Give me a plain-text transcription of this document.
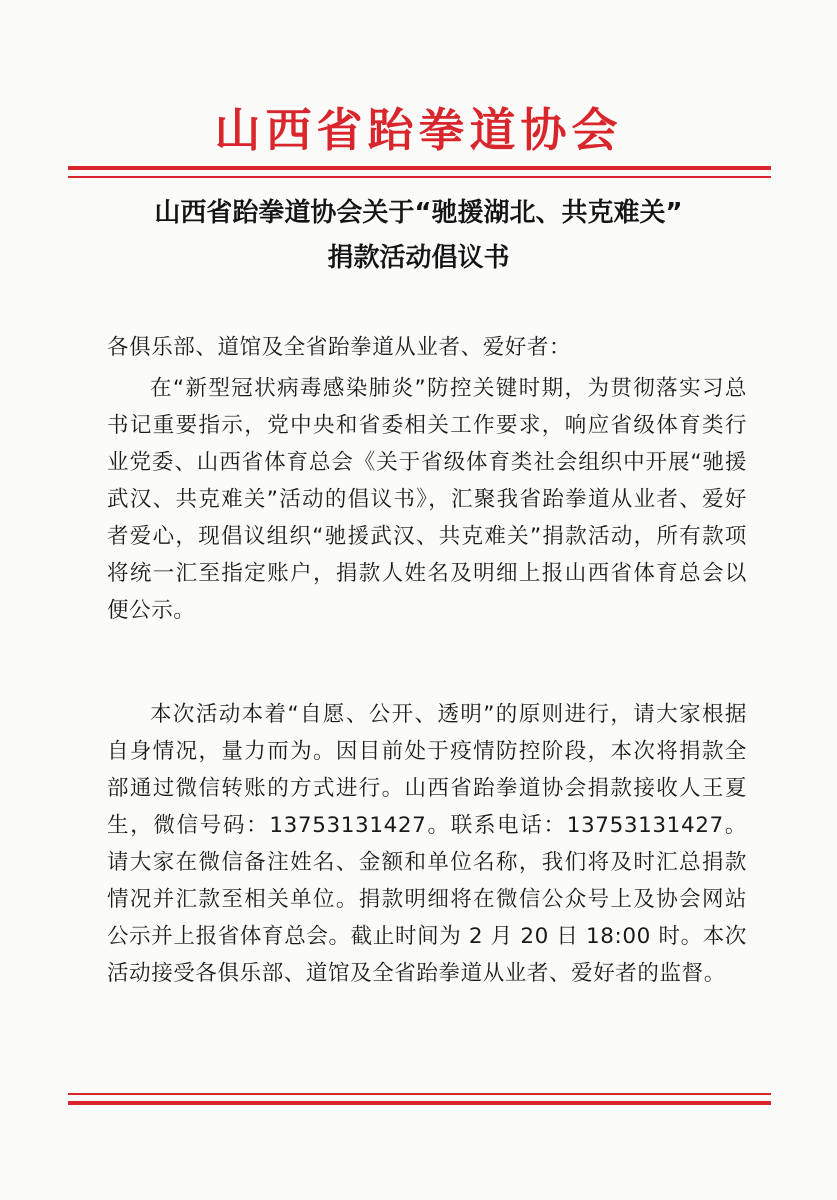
山西省跆拳道协会
山西省跆拳道协会关于“驰援湖北、共克难关”
捐款活动倡议书
各俱乐部、道馆及全省跆拳道从业者、爱好者：
在“新型冠状病毒感染肺炎”防控关键时期，为贯彻落实习总书记重要指示，党中央和省委相关工作要求，响应省级体育类行业党委、山西省体育总会《关于省级体育类社会组织中开展“驰援武汉、共克难关”活动的倡议书》，汇聚我省跆拳道从业者、爱好者爱心，现倡议组织“驰援武汉、共克难关”捐款活动，所有款项将统一汇至指定账户，捐款人姓名及明细上报山西省体育总会以便公示。
本次活动本着“自愿、公开、透明”的原则进行，请大家根据自身情况，量力而为。因目前处于疫情防控阶段，本次将捐款全部通过微信转账的方式进行。山西省跆拳道协会捐款接收人王夏生，微信号码：13753131427。联系电话：13753131427。请大家在微信备注姓名、金额和单位名称，我们将及时汇总捐款情况并汇款至相关单位。捐款明细将在微信公众号上及协会网站公示并上报省体育总会。截止时间为 2 月 20 日 18:00 时。本次活动接受各俱乐部、道馆及全省跆拳道从业者、爱好者的监督。
